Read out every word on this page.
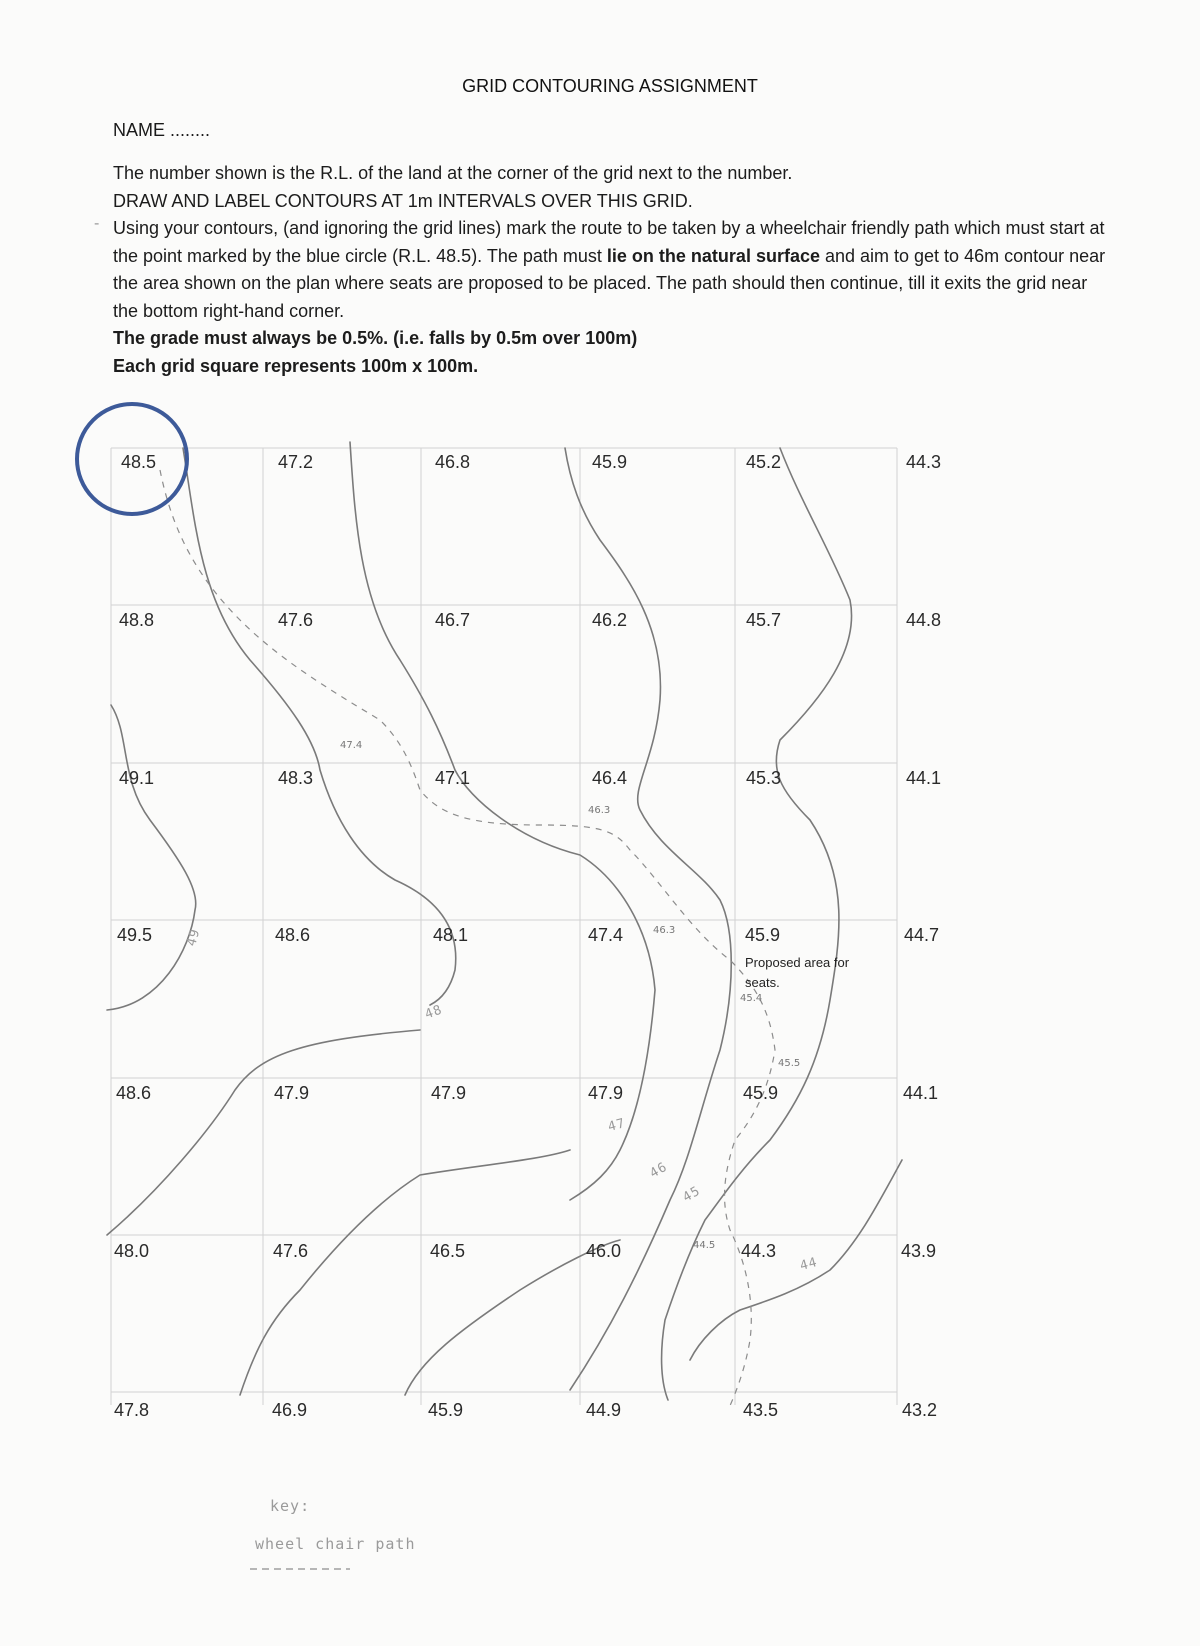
GRID CONTOURING ASSIGNMENT
NAME ........
-

The number shown is the R.L. of the land at the corner of the grid next to the number.

DRAW AND LABEL CONTOURS AT 1m INTERVALS OVER THIS GRID.

Using your contours, (and ignoring the grid lines) mark the route to be taken by a wheelchair friendly path which must start at the point marked by the blue circle (R.L. 48.5). The path must lie on the natural surface and aim to get to 46m contour near the area shown on the plan where seats are proposed to be placed. The path should then continue, till it exits the grid near the bottom right-hand corner.

The grade must always be 0.5%. (i.e. falls by 0.5m over 100m)

Each grid square represents 100m x 100m.

48.5	47.2	46.8	45.9	45.2	44.3
48.8	47.6	46.7	46.2	45.7	44.8
49.1	48.3	47.1	46.4	45.3	44.1
49.5	48.6	48.1	47.4	45.9	44.7
48.6	47.9	47.9	47.9	45.9	44.1
48.0	47.6	46.5	46.0	44.3	43.9
47.8	46.9	45.9	44.9	43.5	43.2
Proposed area for seats.
49
48
47
46
45
44
47.4
46.3
46.3
45.4
45.5
44.5
key:
wheel chair path
